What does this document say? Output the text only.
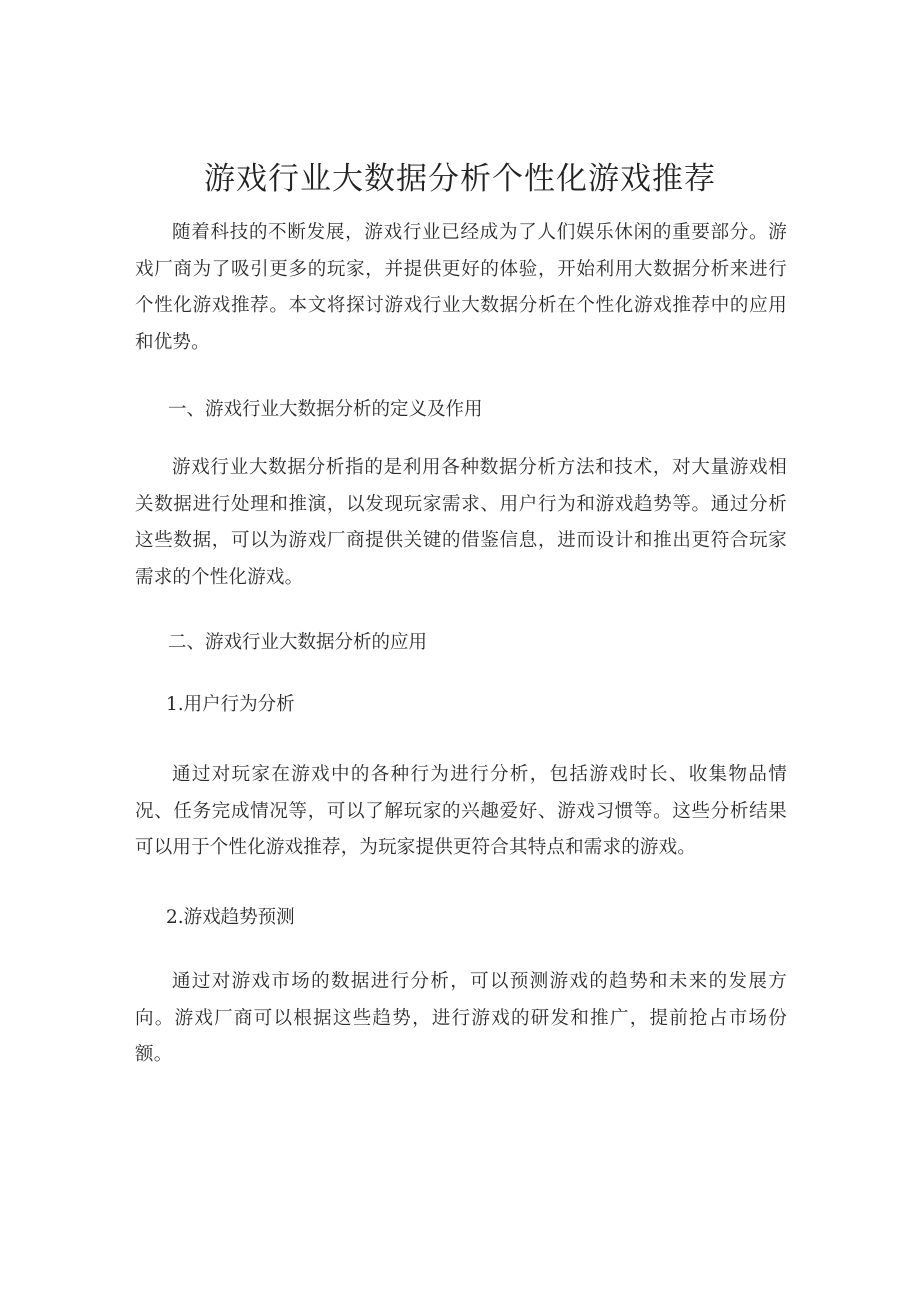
游戏行业大数据分析个性化游戏推荐

随着科技的不断发展，游戏行业已经成为了人们娱乐休闲的重要部分。游戏厂商为了吸引更多的玩家，并提供更好的体验，开始利用大数据分析来进行个性化游戏推荐。本文将探讨游戏行业大数据分析在个性化游戏推荐中的应用和优势。

一、游戏行业大数据分析的定义及作用

游戏行业大数据分析指的是利用各种数据分析方法和技术，对大量游戏相关数据进行处理和推演，以发现玩家需求、用户行为和游戏趋势等。通过分析这些数据，可以为游戏厂商提供关键的借鉴信息，进而设计和推出更符合玩家需求的个性化游戏。

二、游戏行业大数据分析的应用

1.用户行为分析

通过对玩家在游戏中的各种行为进行分析，包括游戏时长、收集物品情况、任务完成情况等，可以了解玩家的兴趣爱好、游戏习惯等。这些分析结果可以用于个性化游戏推荐，为玩家提供更符合其特点和需求的游戏。

2.游戏趋势预测

通过对游戏市场的数据进行分析，可以预测游戏的趋势和未来的发展方向。游戏厂商可以根据这些趋势，进行游戏的研发和推广，提前抢占市场份额。
